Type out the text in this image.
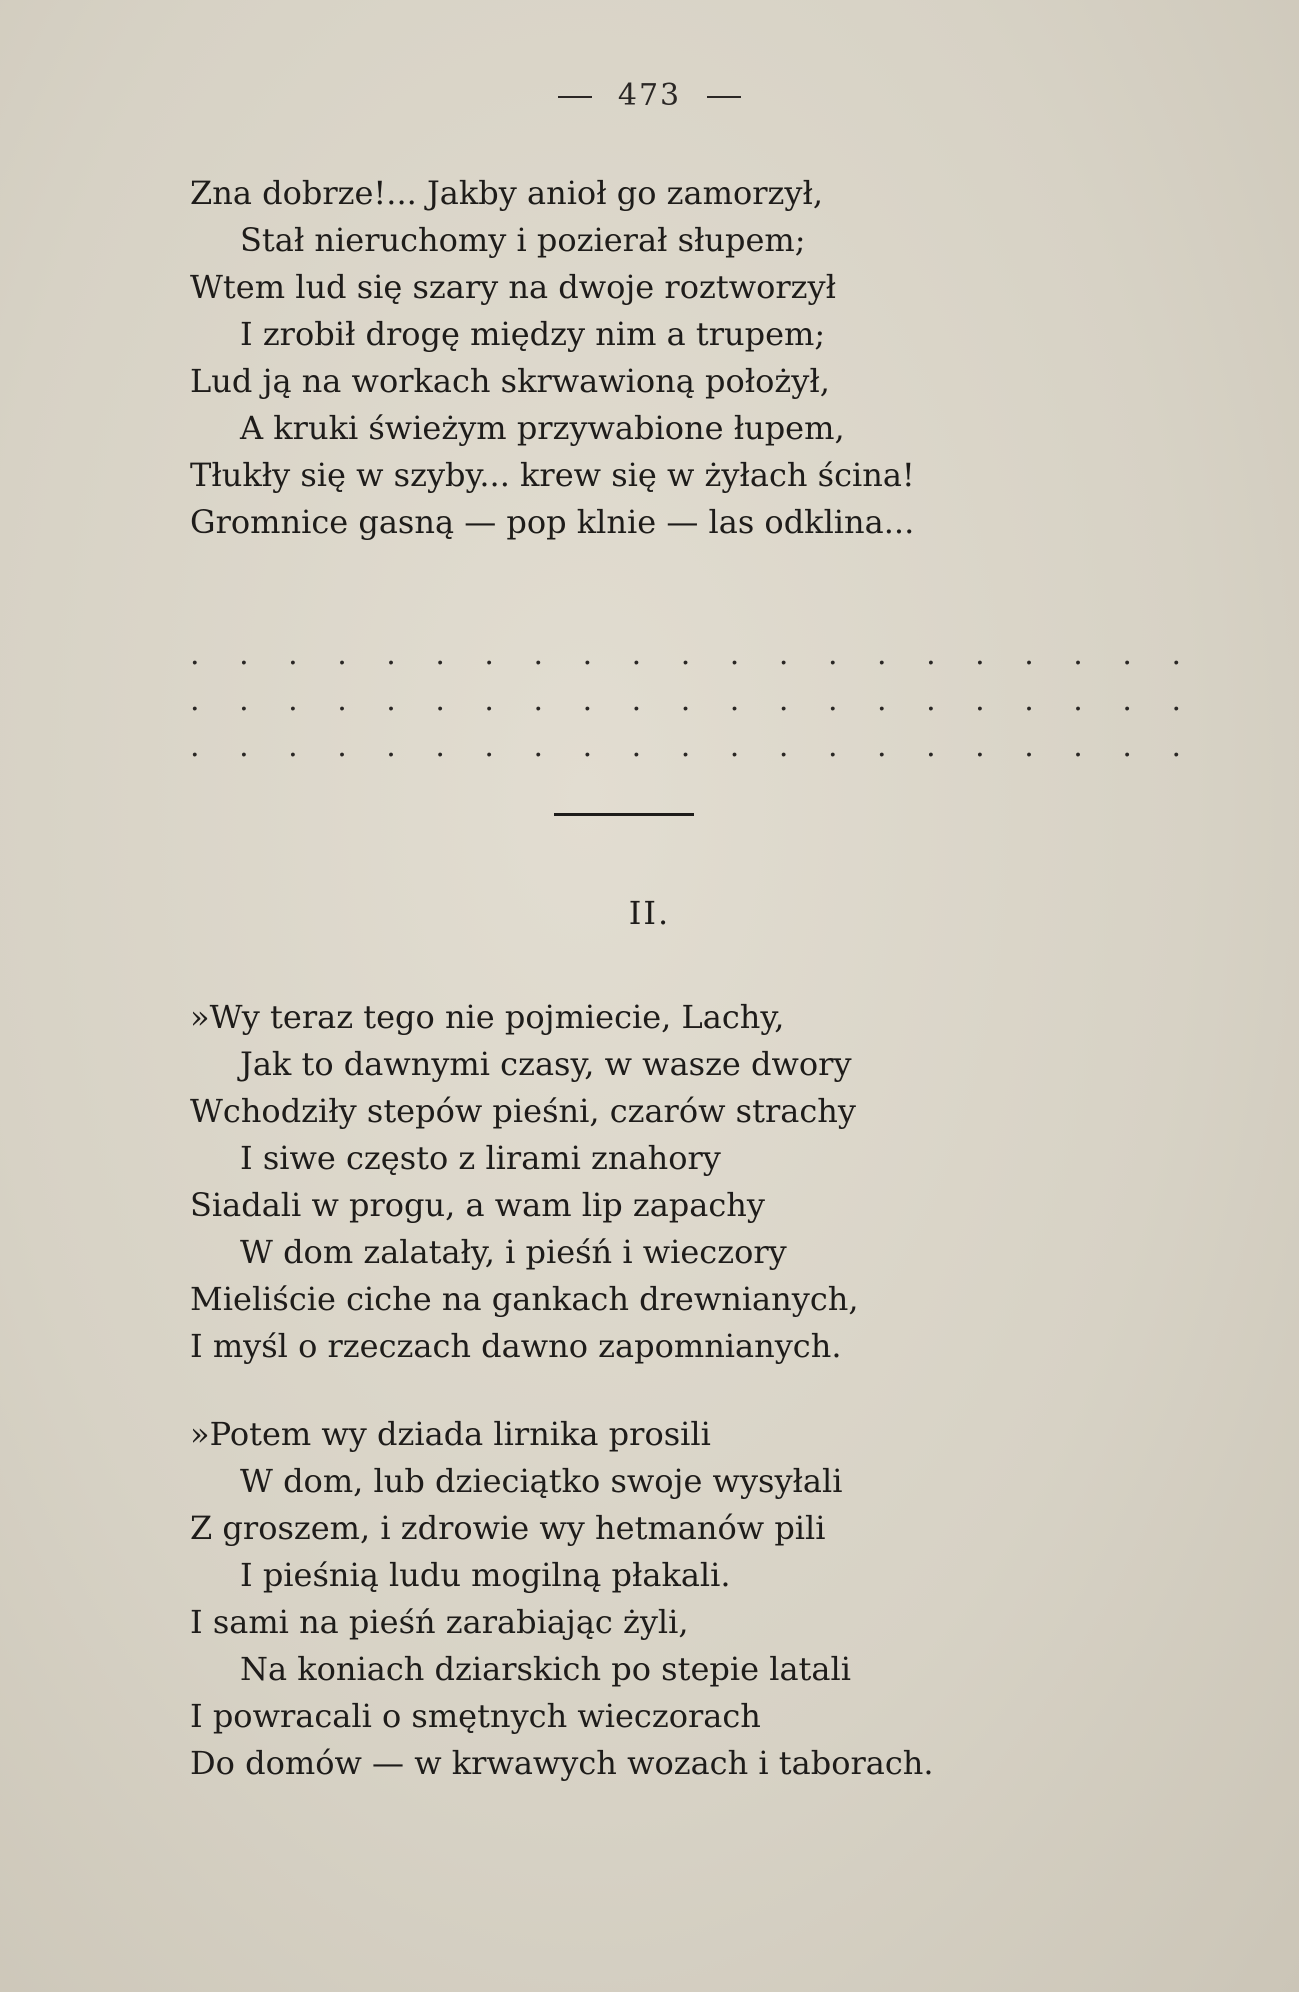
473
Zna dobrze!... Jakby anioł go zamorzył,
Stał nieruchomy i pozierał słupem;
Wtem lud się szary na dwoje roztworzył
I zrobił drogę między nim a trupem;
Lud ją na workach skrwawioną położył,
A kruki świeżym przywabione łupem,
Tłukły się w szyby... krew się w żyłach ścina!
Gromnice gasną — pop klnie — las odklina...
. . . . . . . . . . . . . . . . . . . . .
. . . . . . . . . . . . . . . . . . . . .
. . . . . . . . . . . . . . . . . . . . .
II.
»Wy teraz tego nie pojmiecie, Lachy,
Jak to dawnymi czasy, w wasze dwory
Wchodziły stepów pieśni, czarów strachy
I siwe często z lirami znahory
Siadali w progu, a wam lip zapachy
W dom zalatały, i pieśń i wieczory
Mieliście ciche na gankach drewnianych,
I myśl o rzeczach dawno zapomnianych.
»Potem wy dziada lirnika prosili
W dom, lub dzieciątko swoje wysyłali
Z groszem, i zdrowie wy hetmanów pili
I pieśnią ludu mogilną płakali.
I sami na pieśń zarabiając żyli,
Na koniach dziarskich po stepie latali
I powracali o smętnych wieczorach
Do domów — w krwawych wozach i taborach.
